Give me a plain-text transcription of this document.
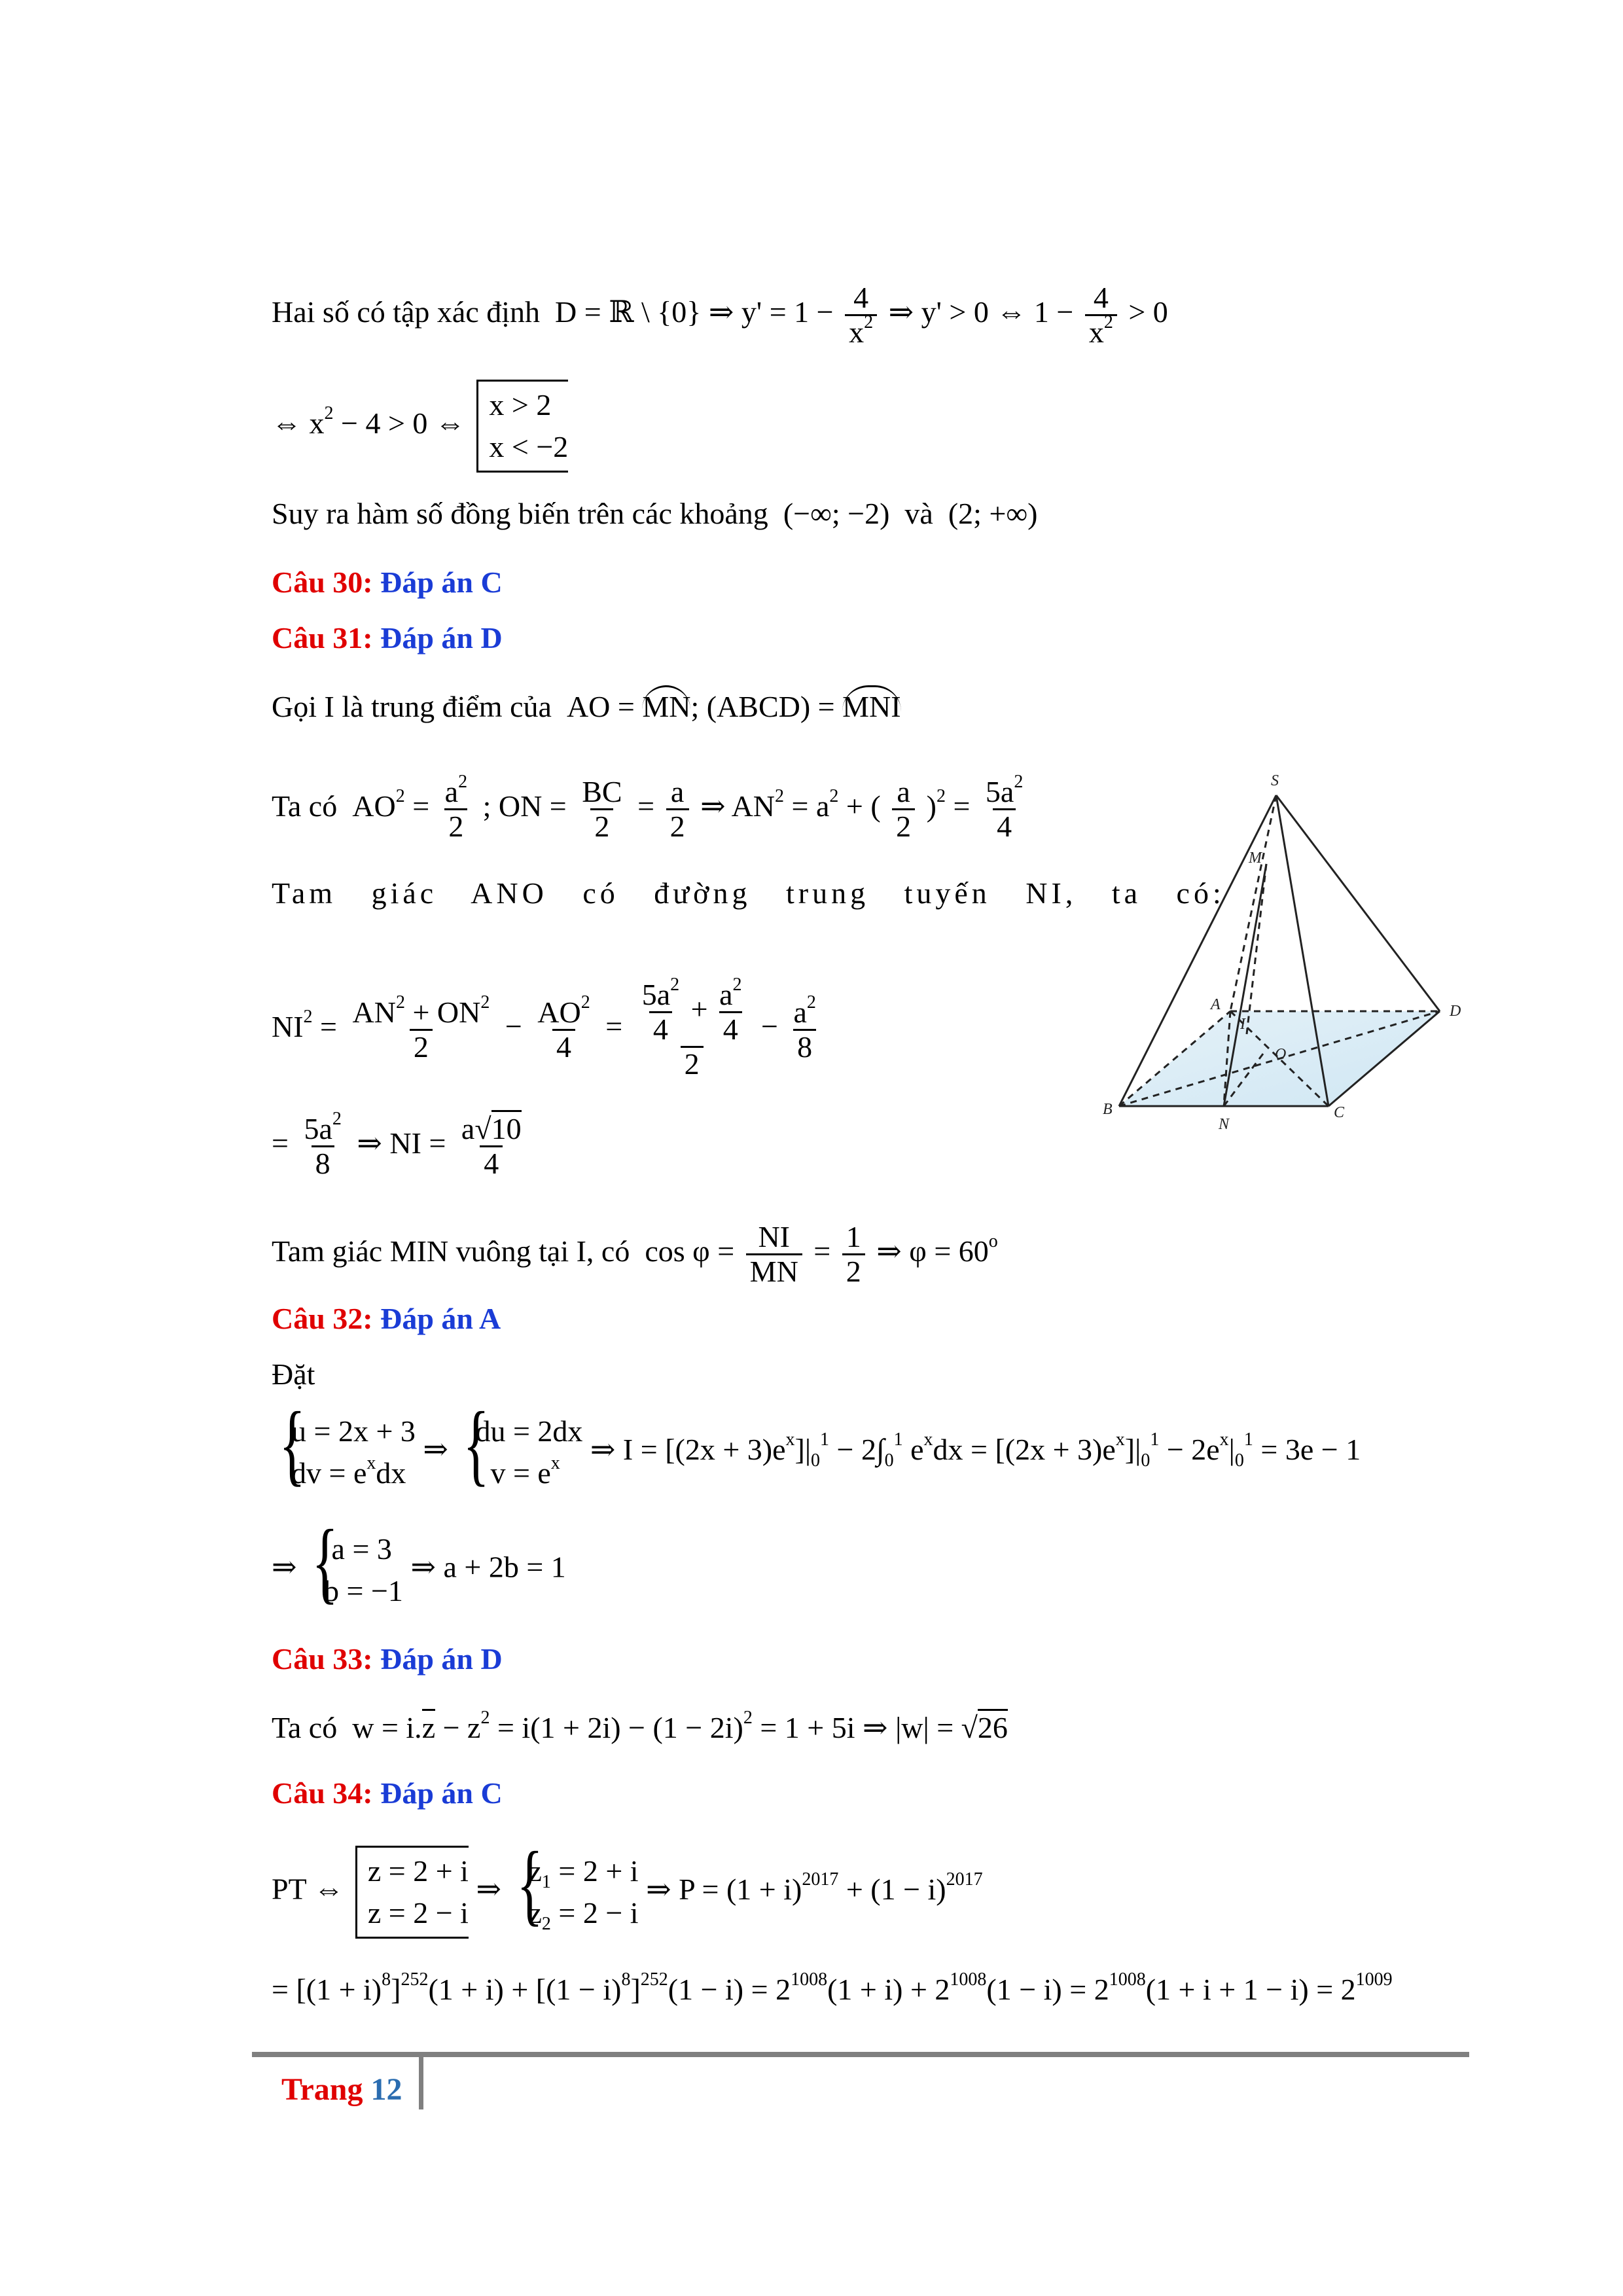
Hai số có tập xác định  D = ℝ \ {0} ⇒ $y' = 1 - \frac{4}{x^2}$ ⇒ y' > 0 ⇔ $1 - \frac{4}{x^2} > 0$
⇔ $x^2 - 4 > 0$ ⇔
x > 2
x < −2
Suy ra hàm số đồng biến trên các khoảng  (−∞; −2)  và  (2; +∞)
Câu 30: Đáp án C
Câu 31: Đáp án D
Gọi I là trung điểm của  AO = MN; (ABCD) = MNI
Ta có  $AO^2 = \frac{a^2}{2}$ ; ON = $\frac{BC}{2} = \frac{a}{2}$ ⇒ $AN^2 = a^2$ + ( $\frac{a}{2} )^2 = \frac{5a^2}{4}$
Tam giác ANO có đường trung tuyến NI, ta có:
$NI^2 = \frac{AN^2 + ON^2}{2} - \frac{AO^2}{4} = \frac{\frac{5a^2}{4} + \frac{a^2}{4}}{2} - \frac{a^2}{8}$
= $\frac{5a^2}{8}$ ⇒ NI = $\frac{a√10}{4}$
Tam giác MIN vuông tại I, có  $\cos \varphi = \frac{NI}{MN} = \frac{1}{2}$ ⇒ $\varphi = 60^o$
Câu 32: Đáp án A
Đặt
{ u = 2x + 3
dv = $e^xdx$
⇒
{ du = 2dx
$v = e^x$	⇒ $I = [(2x + 3)e^x]|_0^1 - 2\int_0^1$ $e^xdx = [(2x + 3)e^x]|_0^1 - 2e^x|_0^1 = 3e - 1$
⇒
{  a = 3
b = −1
⇒ a + 2b = 1
Câu 33: Đáp án D
Ta có  $w = i.z - z^2 = i(1 + 2i) - (1 - 2i)^2 = 1 + 5i$ ⇒ |w| = √26
Câu 34: Đáp án C
PT ⇔
z = 2 + i
z = 2 − i
⇒
{ $z_1 = 2 + i$
$z_2 = 2 - i$
⇒ $P = (1 + i)^{2017} + (1 - i)^{2017}$
= $[(1 + i)^8]^{252}(1 + i) + [(1 - i)^8]^{252}(1 - i) = 2^{1008}(1 + i) + 2^{1008}(1 - i) = 2^{1008}(1 + i + 1 - i) = 2^{1009}$
S
M
A	D
I
O
B
N
C
Trang 12
